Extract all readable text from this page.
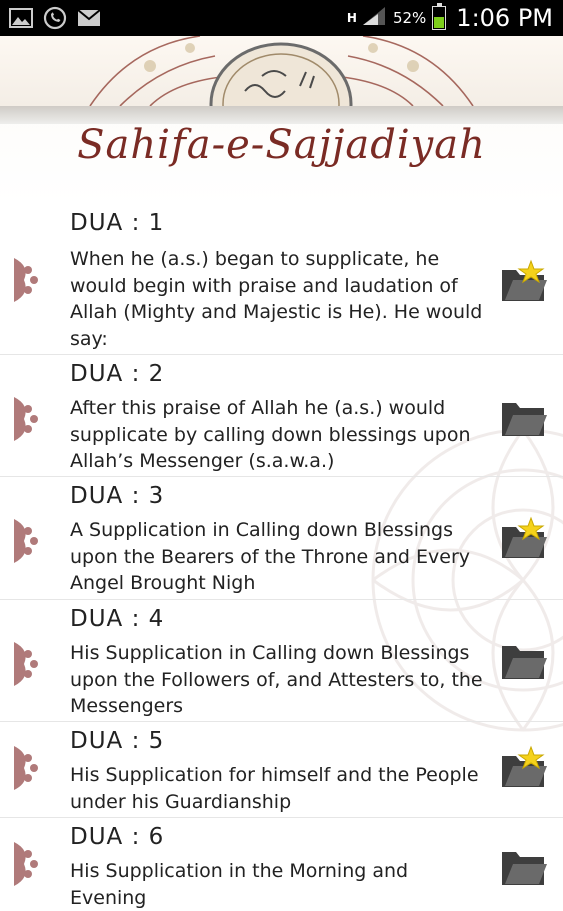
H 52% 1:06 PM
Sahifa-e-Sajjadiyah
DUA : 1
When he (a.s.) began to supplicate, he would begin with praise and laudation of Allah (Mighty and Majestic is He). He would say:
DUA : 2
After this praise of Allah he (a.s.) would supplicate by calling down blessings upon Allah’s Messenger (s.a.w.a.)
DUA : 3
A Supplication in Calling down Blessings upon the Bearers of the Throne and Every Angel Brought Nigh
DUA : 4
His Supplication in Calling down Blessings upon the Followers of, and Attesters to, the Messengers
DUA : 5
His Supplication for himself and the People under his Guardianship
DUA : 6
His Supplication in the Morning and Evening
